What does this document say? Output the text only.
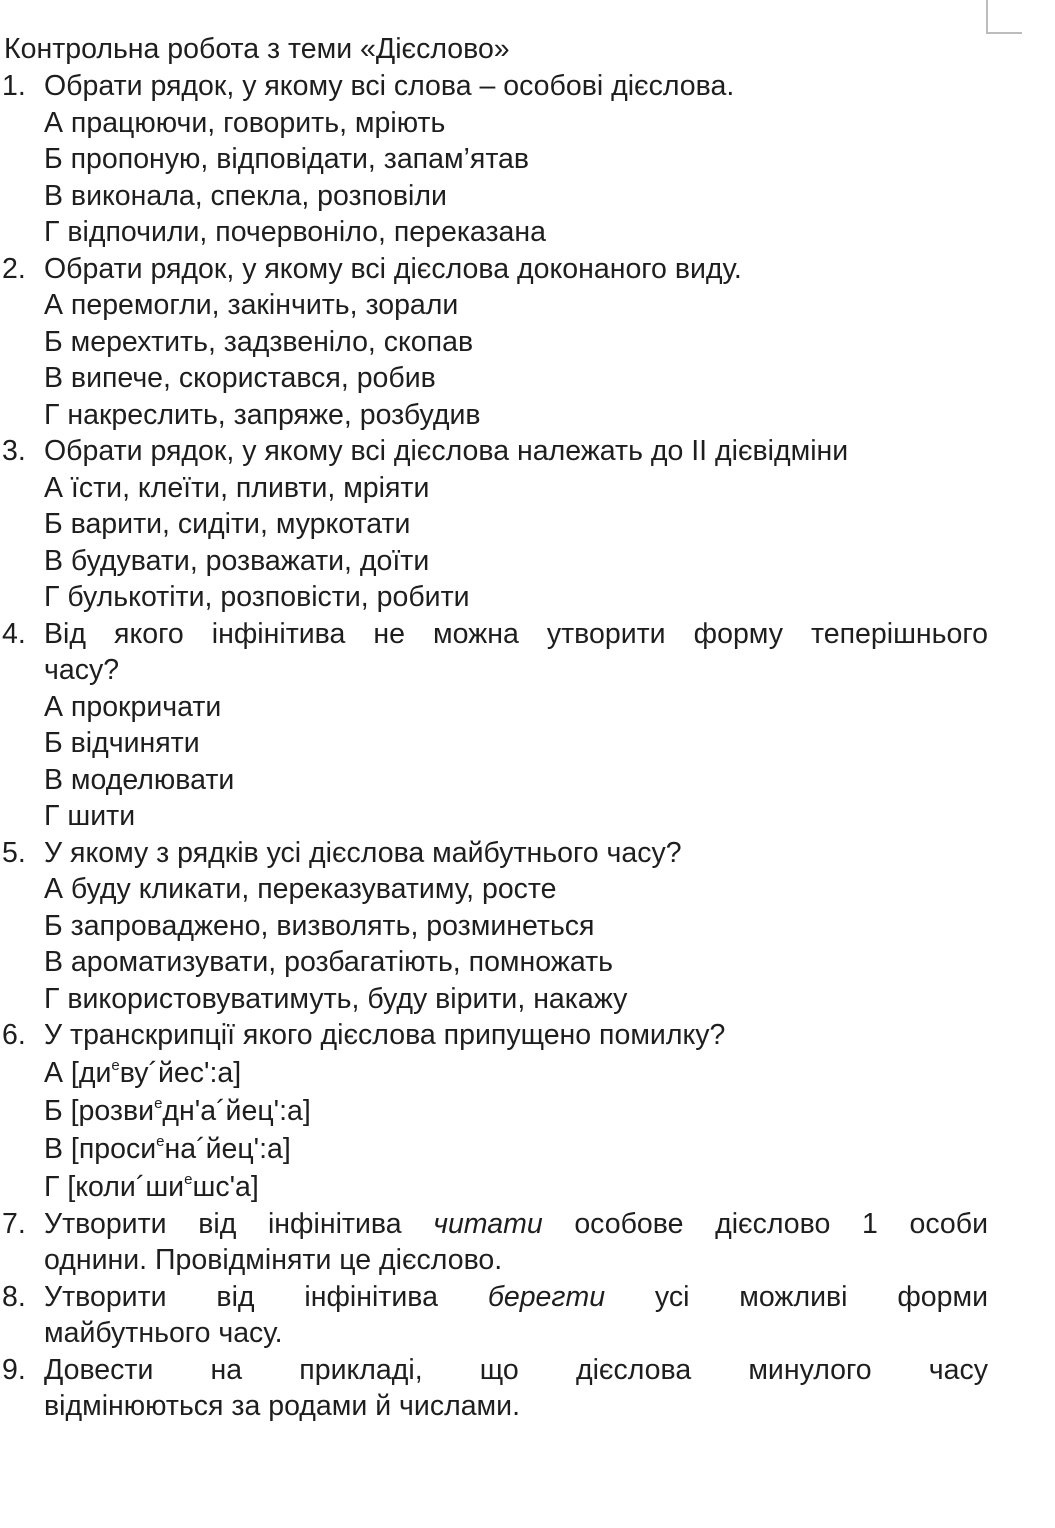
Контрольна робота з теми «Дієслово»
1. Обрати рядок, у якому всі слова – особові дієслова.
А працюючи, говорить, мріють
Б пропоную, відповідати, запам’ятав
В виконала, спекла, розповіли
Г відпочили, почервоніло, переказана
2. Обрати рядок, у якому всі дієслова доконаного виду.
А перемогли, закінчить, зорали
Б мерехтить, задзвеніло, скопав
В випече, скористався, робив
Г накреслить, запряже, розбудив
3. Обрати рядок, у якому всі дієслова належать до ІІ дієвідміни
А їсти, клеїти, пливти, мріяти
Б варити, сидіти, муркотати
В будувати, розважати, доїти
Г булькотіти, розповісти, робити
4. Від якого інфінітива не можна утворити форму теперішнього
часу?
А прокричати
Б відчиняти
В моделювати
Г шити
5. У якому з рядків усі дієслова майбутнього часу?
А буду кликати, переказуватиму, росте
Б запроваджено, визволять, розминеться
В ароматизувати, розбагатіють, помножать
Г використовуватимуть, буду вірити, накажу
6. У транскрипції якого дієслова припущено помилку?
А $[ди^еву´йес':а]$
Б [розви$^е$дн'а´йец':а]
В [проси$^е$на´йец':а]
Г $[коли´ши^ешс'а]$
7. Утворити від інфінітива читати особове дієслово 1 особи
однини. Провідміняти це дієслово.
8. Утворити від інфінітива берегти усі можливі форми
майбутнього часу.
9. Довести на прикладі, що дієслова минулого часу
відмінюються за родами й числами.
